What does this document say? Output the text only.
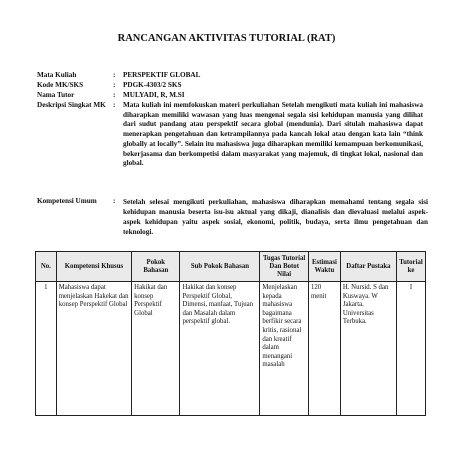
RANCANGAN AKTIVITAS TUTORIAL (RAT)
Mata Kuliah	:	PERSPEKTIF GLOBAL
Kode MK/SKS	:	PDGK-4303/2 SKS
Nama Tutor	:	MULYADI, R, M.SI
Deskripsi Singkat MK	:	Mata kuliah ini memfokuskan materi perkuliahan Setelah mengikuti mata kuliah ini mahasiswa diharapkan memiliki wawasan yang luas mengenai segala sisi kehidupan manusia yang dilihat dari sudut pandang atau perspektif secara global (mendunia). Dari situlah mahasiswa dapat menerapkan pengetahuan dan ketrampilannya pada kancah lokal atau dengan kata lain “think globally at locally”. Selain itu mahasiswa juga diharapkan memiliki kemampuan berkomunikasi, bekerjasama dan berkompetisi dalam masyarakat yang majemuk, di tingkat lokal, nasional dan global.
Kompetensi Umum	:	Setelah selesai mengikuti perkuliahan, mahasiswa diharapkan memahami tentang segala sisi kehidupan manusia beserta isu-isu aktual yang dikaji, dianalisis dan dievaluasi melalui aspek-aspek kehidupan yaitu aspek sosial, ekonomi, politik, budaya, serta ilmu pengetahuan dan teknologi.
No.	Kompetensi Khusus	Pokok Bahasan	Sub Pokok Bahasan	Tugas Tutorial Dan Botot Nilai	Estimasi Waktu	Daftar Pustaka	Tutorial ke
1	Mahasiswa dapat menjelaskan Hakekat dan konsep Perspektif Global	Hakikat dan konsep Perspektif Global	Hakikat dan konsep Perspektif Global, Dimensi, manfaat, Tujuan dan Masalah dalam perspektif global.	Menjelaskan kepada mahasiswa bagaimana berfikir secara kritis, rasional dan kreatif dalam menangani masalah	120 menit	H. Nursid. S dan Kuswaya. W Jakarta. Universitas Terbuka.	I
